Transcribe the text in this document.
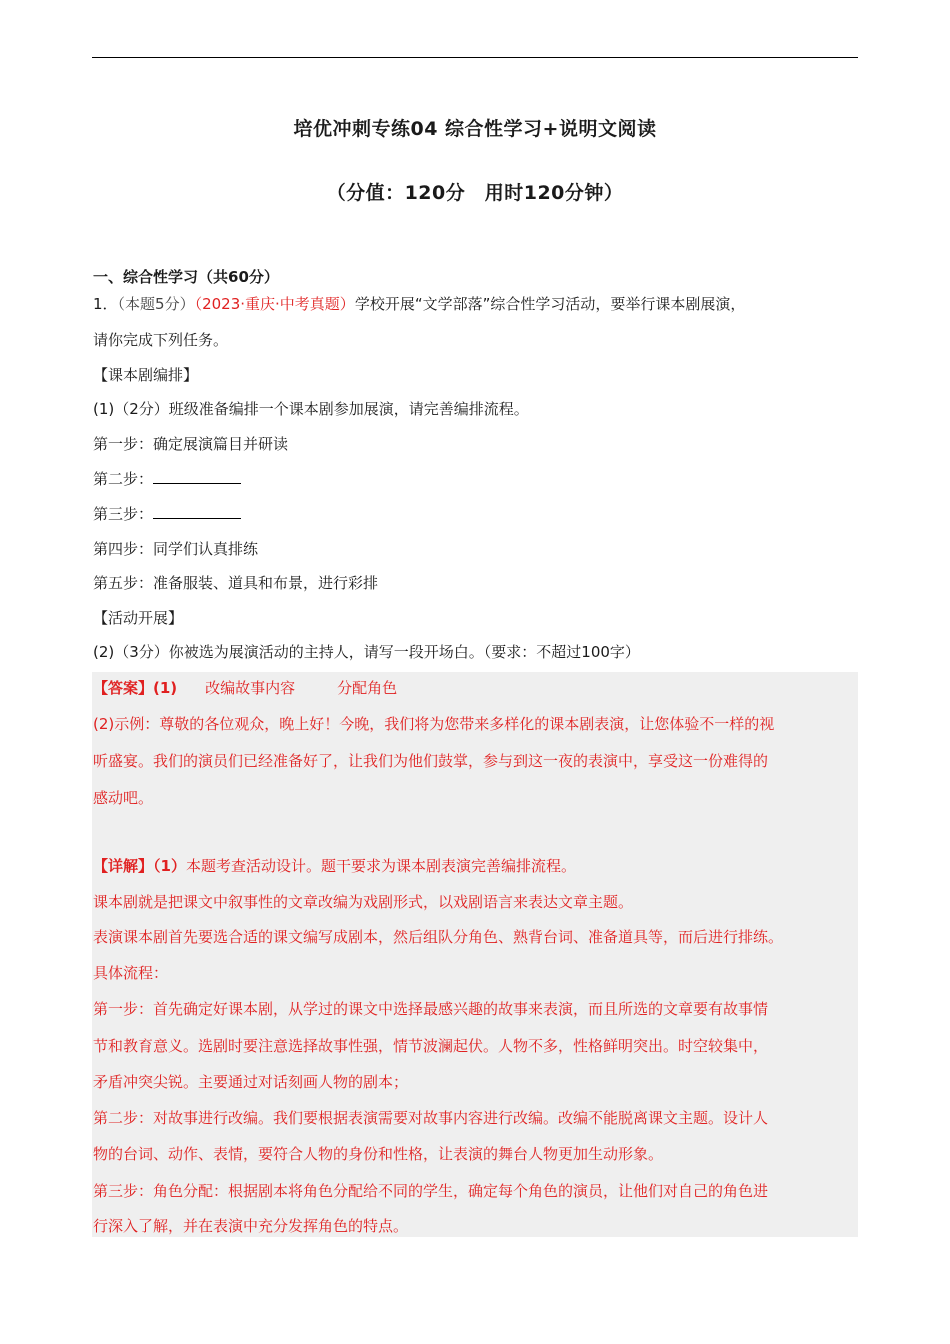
培优冲刺专练04 综合性学习+说明文阅读
（分值：120分　用时120分钟）
一、综合性学习（共60分）
1．（本题5分）（2023·重庆·中考真题）学校开展“文学部落”综合性学习活动，要举行课本剧展演，
请你完成下列任务。
【课本剧编排】
(1)（2分）班级准备编排一个课本剧参加展演，请完善编排流程。
第一步：确定展演篇目并研读
第二步：
第三步：
第四步：同学们认真排练
第五步：准备服装、道具和布景，进行彩排
【活动开展】
(2)（3分）你被选为展演活动的主持人，请写一段开场白。（要求：不超过100字）
【答案】(1) 改编故事内容	分配角色
(2)示例：尊敬的各位观众，晚上好！今晚，我们将为您带来多样化的课本剧表演，让您体验不一样的视
听盛宴。我们的演员们已经准备好了，让我们为他们鼓掌，参与到这一夜的表演中，享受这一份难得的
感动吧。
【详解】（1）本题考查活动设计。题干要求为课本剧表演完善编排流程。
课本剧就是把课文中叙事性的文章改编为戏剧形式，以戏剧语言来表达文章主题。
表演课本剧首先要选合适的课文编写成剧本，然后组队分角色、熟背台词、准备道具等，而后进行排练。
具体流程：
第一步：首先确定好课本剧，从学过的课文中选择最感兴趣的故事来表演，而且所选的文章要有故事情
节和教育意义。选剧时要注意选择故事性强，情节波澜起伏。人物不多，性格鲜明突出。时空较集中，
矛盾冲突尖锐。主要通过对话刻画人物的剧本；
第二步：对故事进行改编。我们要根据表演需要对故事内容进行改编。改编不能脱离课文主题。设计人
物的台词、动作、表情，要符合人物的身份和性格，让表演的舞台人物更加生动形象。
第三步：角色分配：根据剧本将角色分配给不同的学生，确定每个角色的演员，让他们对自己的角色进
行深入了解，并在表演中充分发挥角色的特点。
